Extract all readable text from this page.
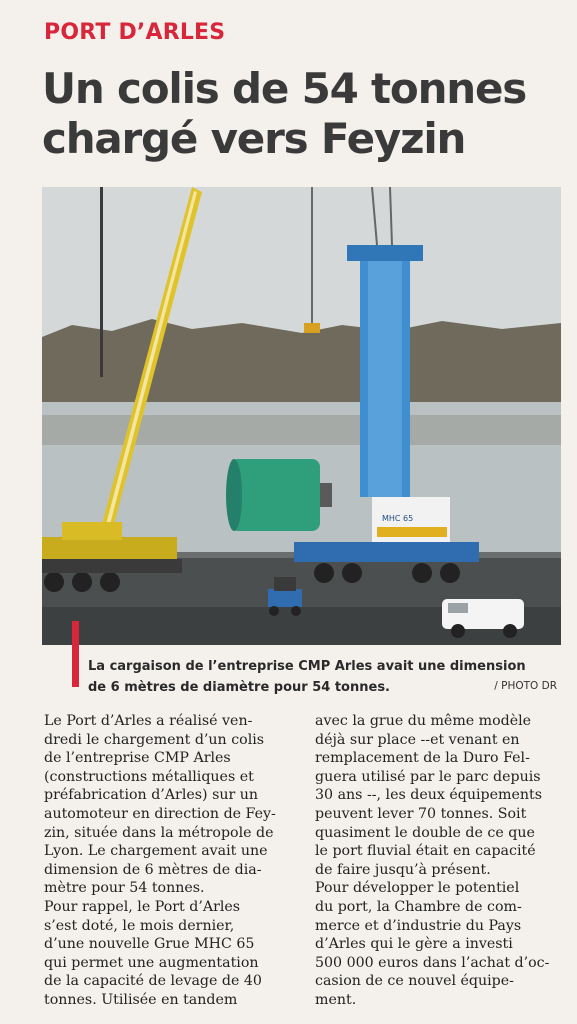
PORT D’ARLES
Un colis de 54 tonnes
chargé vers Feyzin
MHC 65

La cargaison de l’entreprise CMP Arles avait une dimension
de 6 mètres de diamètre pour 54 tonnes.	/ PHOTO DR
Le Port d’Arles a réalisé ven-
dredi le chargement d’un colis
de l’entreprise CMP Arles
(constructions métalliques et
préfabrication d’Arles) sur un
automoteur en direction de Fey-
zin, située dans la métropole de
Lyon. Le chargement avait une
dimension de 6 mètres de dia-
mètre pour 54 tonnes.
Pour rappel, le Port d’Arles
s’est doté, le mois dernier,
d’une nouvelle Grue MHC 65
qui permet une augmentation
de la capacité de levage de 40
tonnes. Utilisée en tandem
avec la grue du même modèle
déjà sur place --et venant en
remplacement de la Duro Fel-
guera utilisé par le parc depuis
30 ans --, les deux équipements
peuvent lever 70 tonnes. Soit
quasiment le double de ce que
le port fluvial était en capacité
de faire jusqu’à présent.
Pour développer le potentiel
du port, la Chambre de com-
merce et d’industrie du Pays
d’Arles qui le gère a investi
500 000 euros dans l’achat d’oc-
casion de ce nouvel équipe-
ment.
